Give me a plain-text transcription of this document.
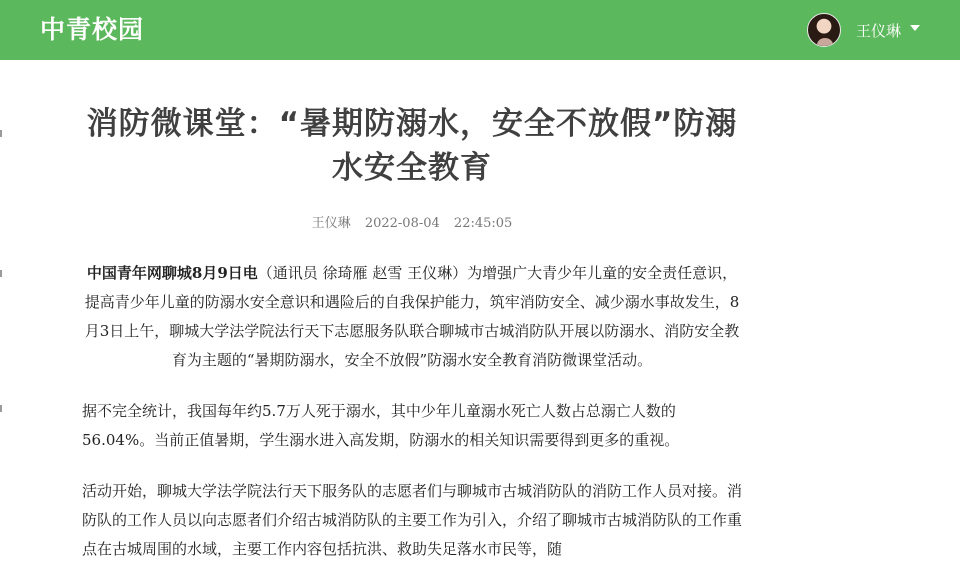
中青校园	王仪琳
消防微课堂：“暑期防溺水，安全不放假”防溺水安全教育
王仪琳 2022-08-04 22:45:05

中国青年网聊城8月9日电（通讯员 徐琦雁 赵雪 王仪琳）为增强广大青少年儿童的安全责任意识，提高青少年儿童的防溺水安全意识和遇险后的自我保护能力，筑牢消防安全、减少溺水事故发生，8月3日上午，聊城大学法学院法行天下志愿服务队联合聊城市古城消防队开展以防溺水、消防安全教育为主题的“暑期防溺水，安全不放假”防溺水安全教育消防微课堂活动。

据不完全统计，我国每年约5.7万人死于溺水，其中少年儿童溺水死亡人数占总溺亡人数的56.04%。当前正值暑期，学生溺水进入高发期，防溺水的相关知识需要得到更多的重视。

活动开始，聊城大学法学院法行天下服务队的志愿者们与聊城市古城消防队的消防工作人员对接。消防队的工作人员以向志愿者们介绍古城消防队的主要工作为引入，介绍了聊城市古城消防队的工作重点在古城周围的水域，主要工作内容包括抗洪、救助失足落水市民等，随
